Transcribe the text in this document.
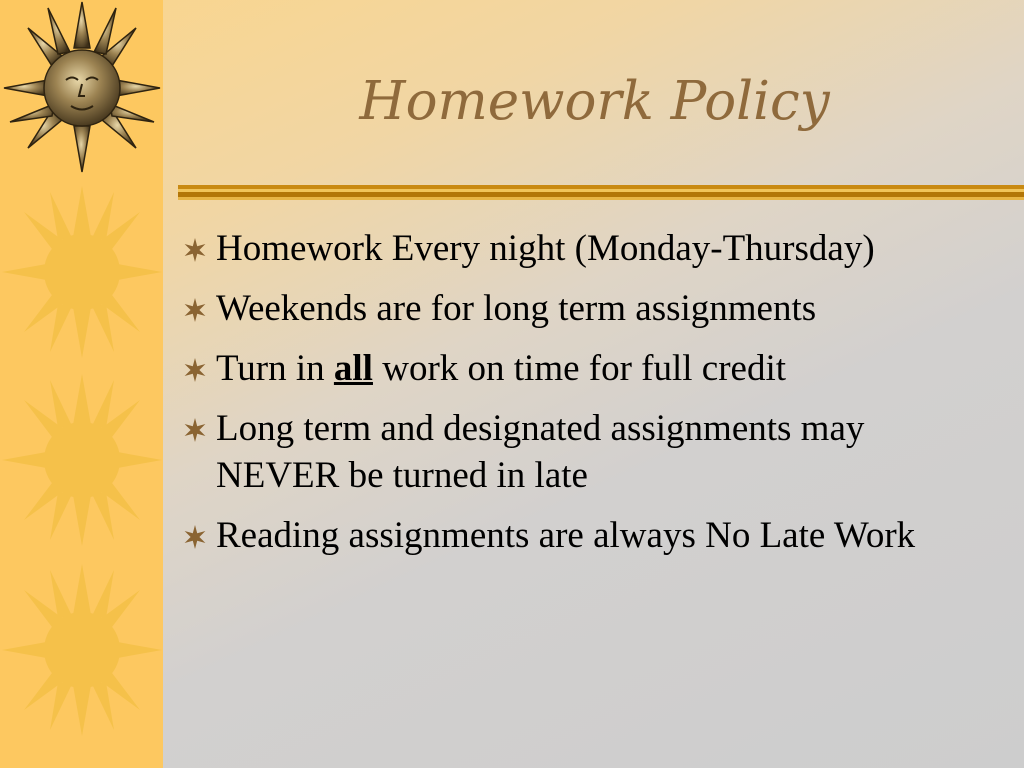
Homework Policy
Homework Every night (Monday-Thursday)
Weekends are for long term assignments
Turn in all work on time for full credit
Long term and designated assignments may NEVER be turned in late
Reading assignments are always No Late Work
